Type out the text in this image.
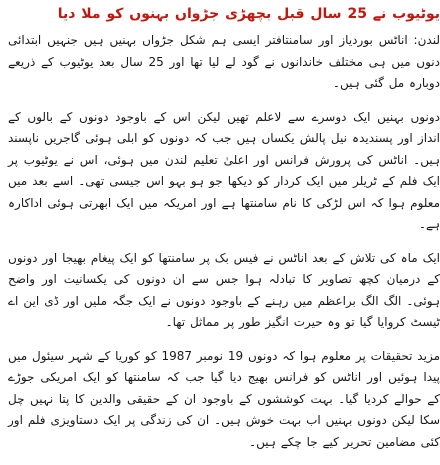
یوٹیوب نے 25 سال قبل بچھڑی جڑواں بہنوں کو ملا دیا

لندن: اناٹس بوردیاز اور سامنتافتر ایسی ہم شکل جڑواں بہنیں ہیں جنہیں ابتدائی دنوں میں ہی مختلف خاندانوں نے گود لے لیا تھا اور 25 سال بعد یوٹیوب کے ذریعے دوبارہ مل گئی ہیں۔

دونوں بہنیں ایک دوسرے سے لاعلم تھیں لیکن اس کے باوجود دونوں کے بالوں کے انداز اور پسندیدہ نیل پالش یکساں ہیں جب کہ دونوں کو ابلی ہوئی گاجریں ناپسند ہیں۔ اناٹس کی پرورش فرانس اور اعلیٰ تعلیم لندن میں ہوئی، اس نے یوٹیوب پر ایک فلم کے ٹریلر میں ایک کردار کو دیکھا جو ہو بہو اس جیسی تھی۔ اسے بعد میں معلوم ہوا کہ اس لڑکی کا نام سامنتھا ہے اور امریکہ میں ایک ابھرتی ہوئی اداکارہ ہے۔

ایک ماہ کی تلاش کے بعد اناٹس نے فیس بک پر سامنتھا کو ایک پیغام بھیجا اور دونوں کے درمیان کچھ تصاویر کا تبادلہ ہوا جس سے ان دونوں کی یکسانیت اور واضح ہوئی۔ الگ الگ براعظم میں رہنے کے باوجود دونوں نے ایک جگہ ملیں اور ڈی این اے ٹیسٹ کروایا گیا تو وہ حیرت انگیز طور پر مماثل تھا۔

مزید تحقیقات پر معلوم ہوا کہ دونوں 19 نومبر 1987 کو کوریا کے شہر سیئول میں پیدا ہوئیں اور اناٹس کو فرانس بھیج دیا گیا جب کہ سامنتھا کو ایک امریکی جوڑے کے حوالے کردیا گیا۔ بہت کوششوں کے باوجود ان کے حقیقی والدین کا پتا نہیں چل سکا لیکن دونوں بہنیں اب بہت خوش ہیں۔ ان کی زندگی پر ایک دستاویزی فلم اور کئی مضامین تحریر کیے جا چکے ہیں۔
